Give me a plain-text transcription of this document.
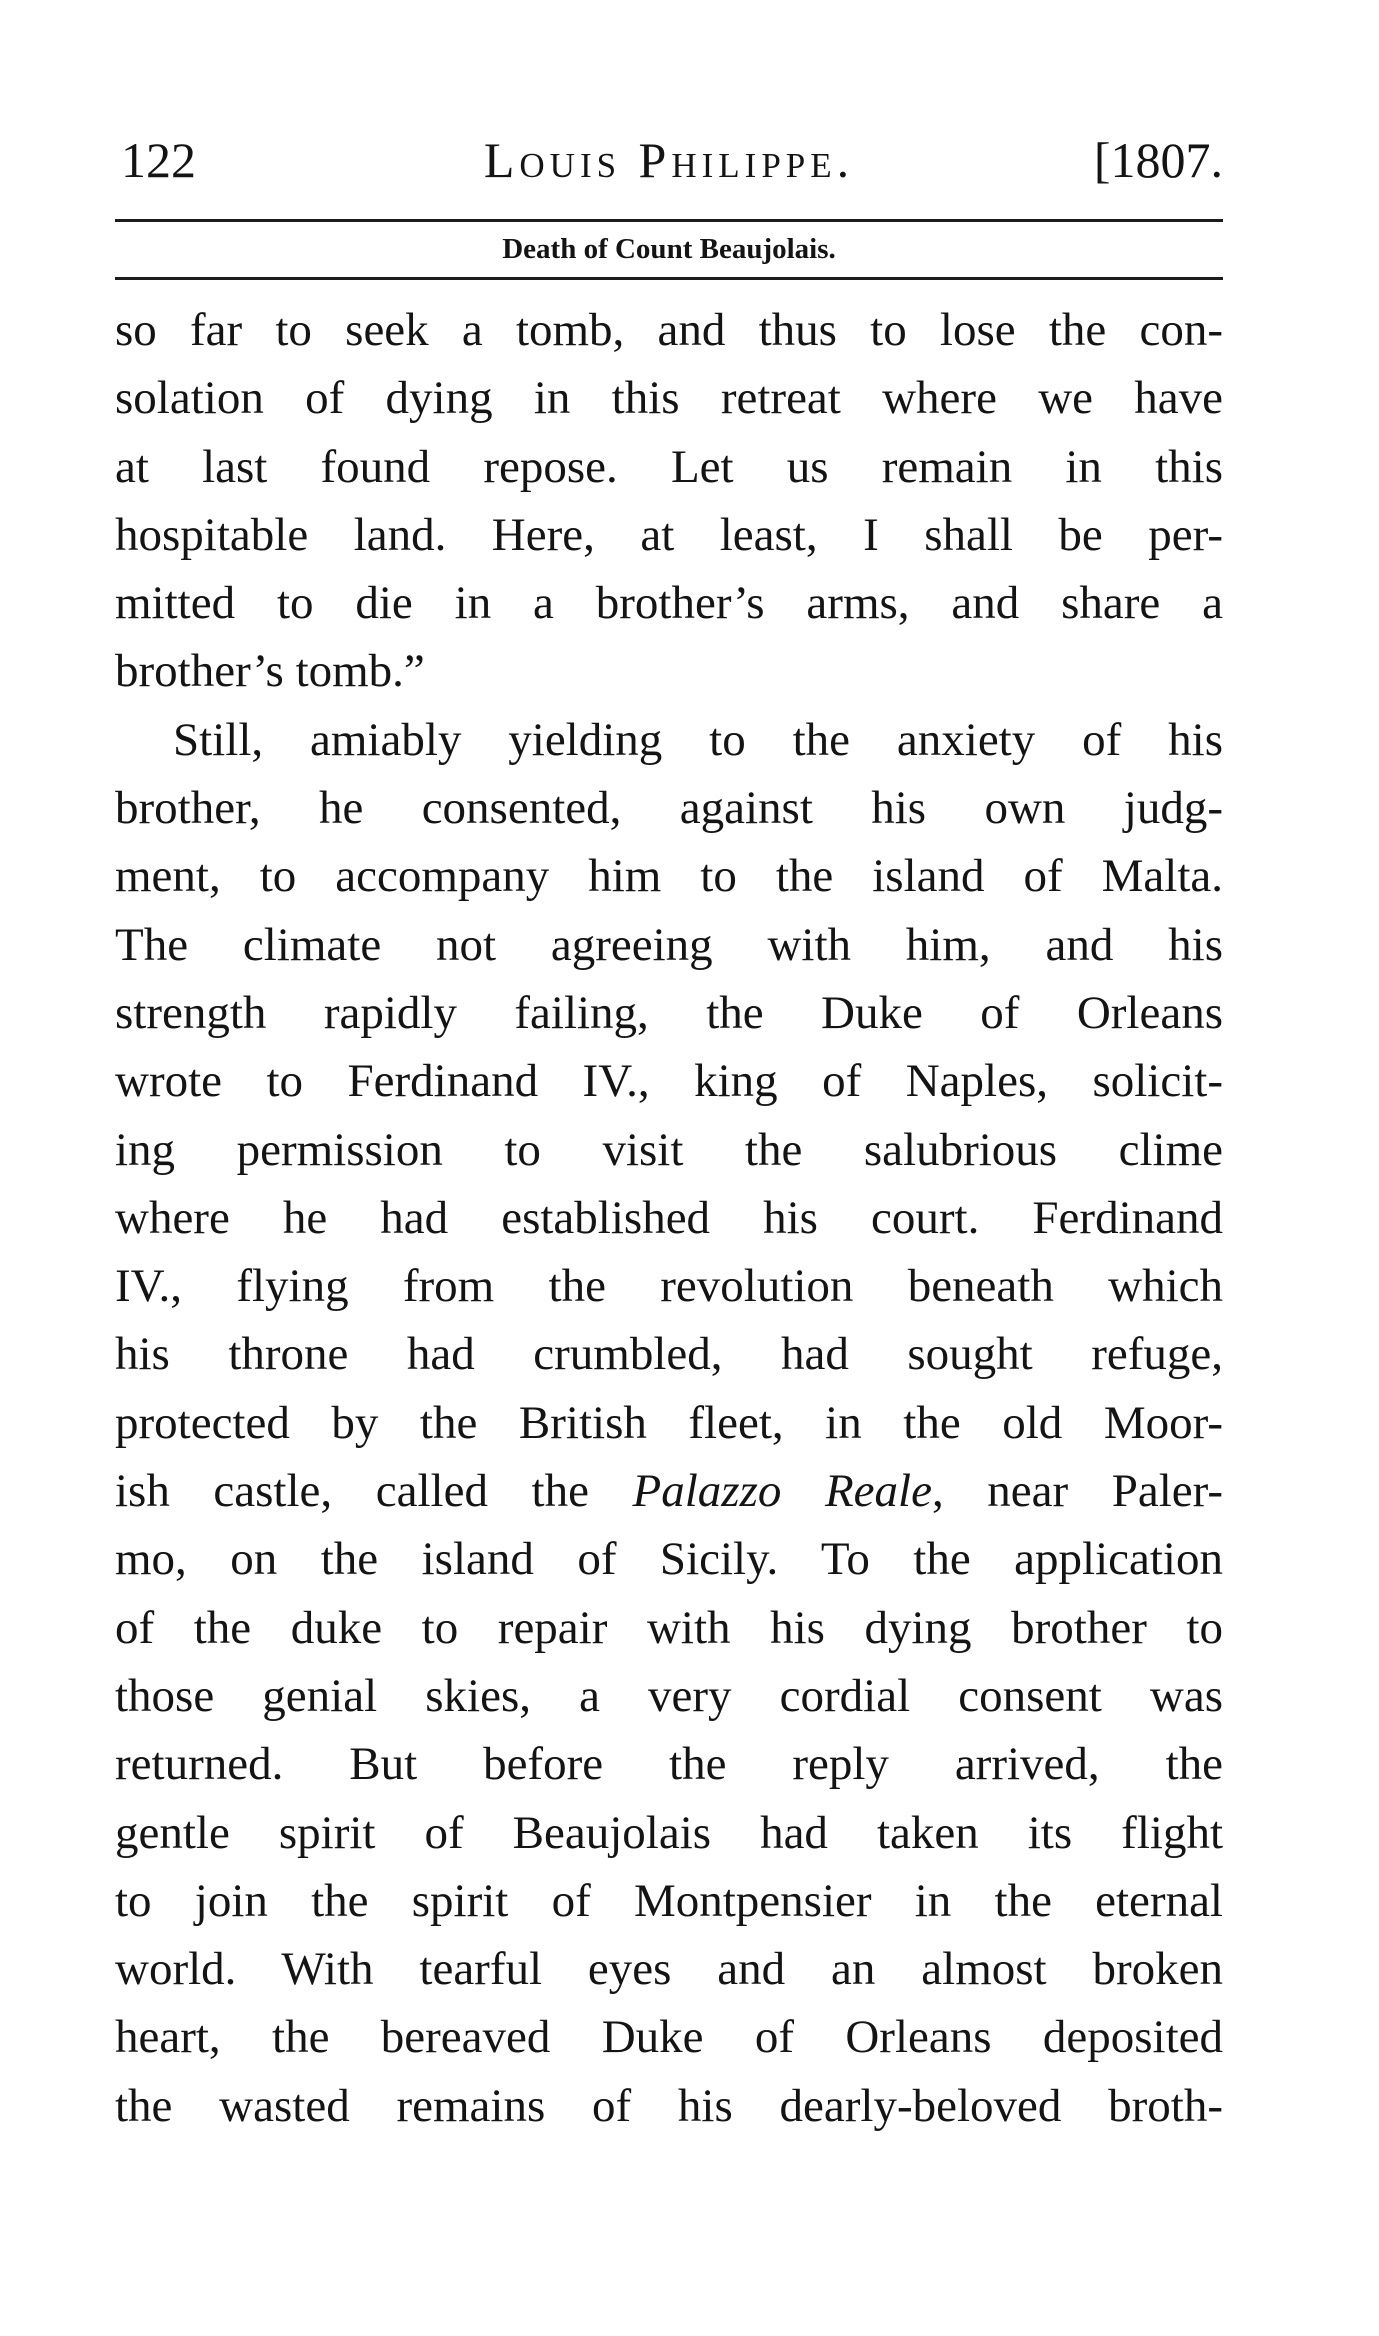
122	Louis Philippe.	[1807.
Death of Count Beaujolais.
so far to seek a tomb, and thus to lose the con-
solation of dying in this retreat where we have
at last found repose. Let us remain in this
hospitable land. Here, at least, I shall be per-
mitted to die in a brother’s arms, and share a
brother’s tomb.”
Still, amiably yielding to the anxiety of his
brother, he consented, against his own judg-
ment, to accompany him to the island of Malta.
The climate not agreeing with him, and his
strength rapidly failing, the Duke of Orleans
wrote to Ferdinand IV., king of Naples, solicit-
ing permission to visit the salubrious clime
where he had established his court. Ferdinand
IV., flying from the revolution beneath which
his throne had crumbled, had sought refuge,
protected by the British fleet, in the old Moor-
ish castle, called the Palazzo Reale, near Paler-
mo, on the island of Sicily. To the application
of the duke to repair with his dying brother to
those genial skies, a very cordial consent was
returned. But before the reply arrived, the
gentle spirit of Beaujolais had taken its flight
to join the spirit of Montpensier in the eternal
world. With tearful eyes and an almost broken
heart, the bereaved Duke of Orleans deposited
the wasted remains of his dearly-beloved broth-
